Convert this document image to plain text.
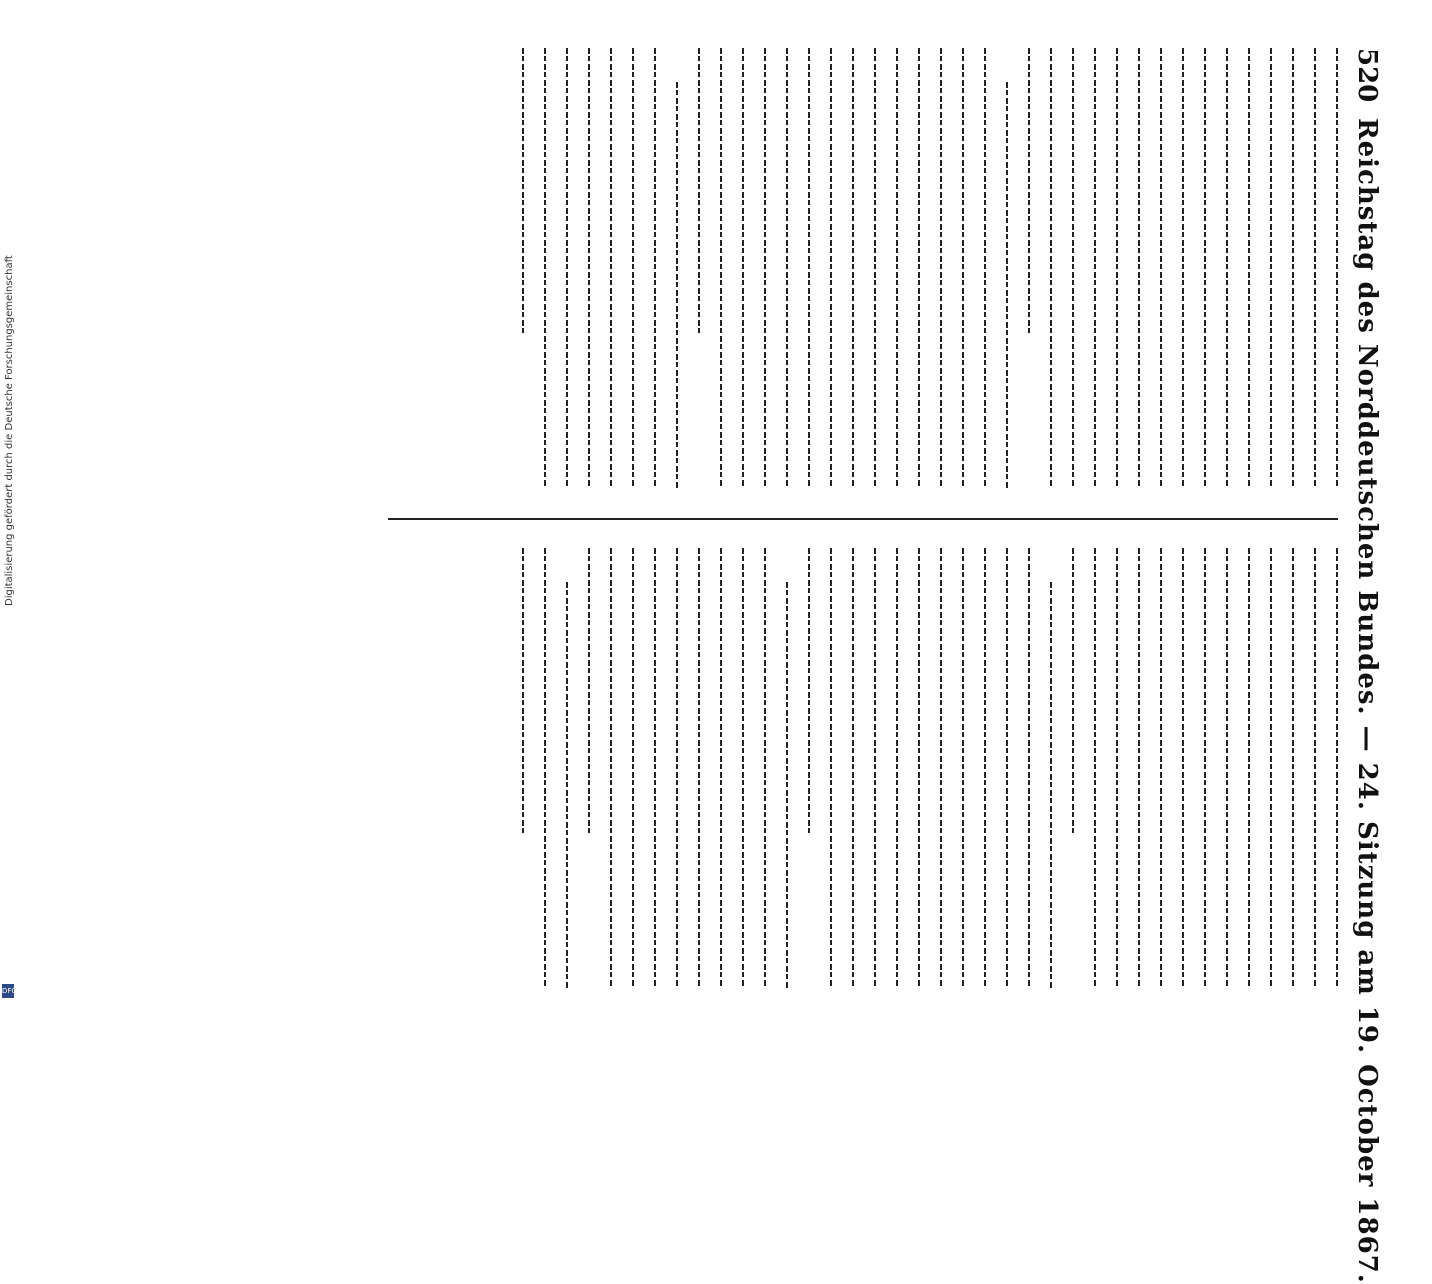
520
Reichstag des Norddeutschen Bundes. — 24. Sitzung am 19. October 1867.
Digitalisierung gefördert durch die Deutsche Forschungsgemeinschaft
DFG
